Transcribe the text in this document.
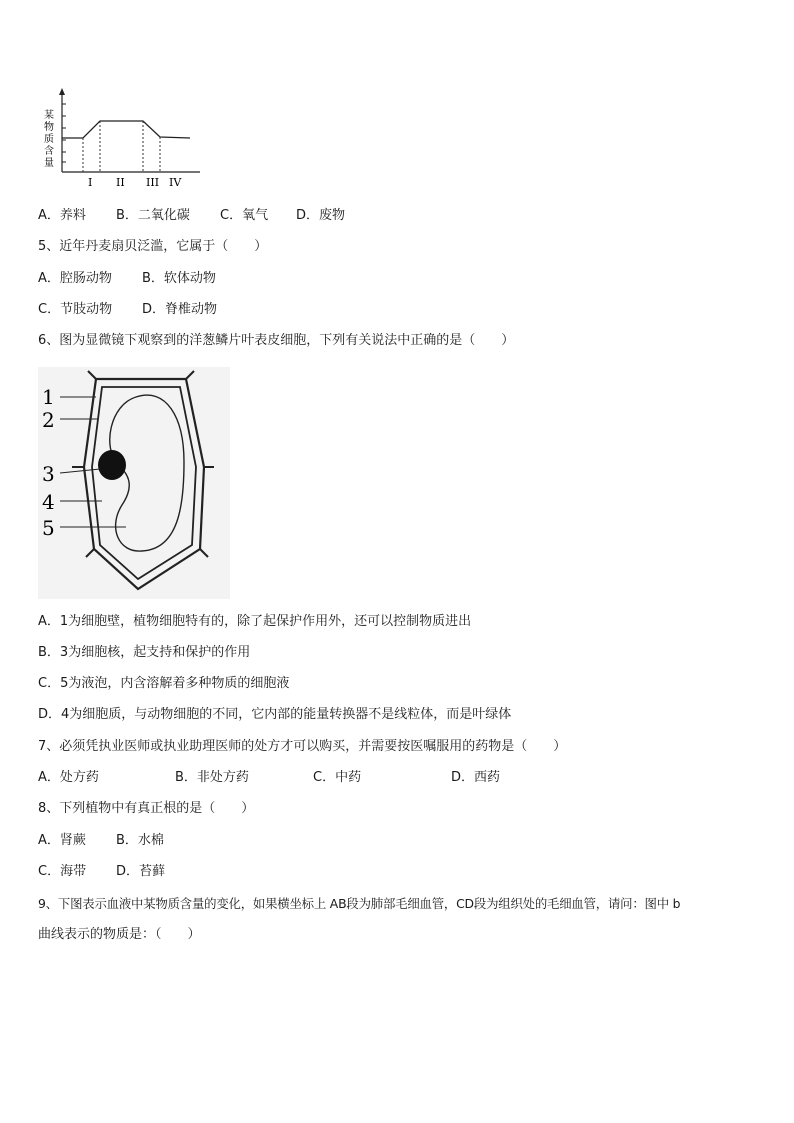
某
物
质
含
量
I II III IV
A．养料 B．二氧化碳 C．氧气 D．废物
5、近年丹麦扇贝泛滥，它属于（　　）
A．腔肠动物 B．软体动物
C．节肢动物 D．脊椎动物
6、图为显微镜下观察到的洋葱鳞片叶表皮细胞，下列有关说法中正确的是（　　）
1
2
3
4
5
A．1为细胞壁，植物细胞特有的，除了起保护作用外，还可以控制物质进出
B．3为细胞核，起支持和保护的作用
C．5为液泡，内含溶解着多种物质的细胞液
D．4为细胞质，与动物细胞的不同，它内部的能量转换器不是线粒体，而是叶绿体
7、必须凭执业医师或执业助理医师的处方才可以购买，并需要按医嘱服用的药物是（　　）
A．处方药	B．非处方药	C．中药	D．西药
8、下列植物中有真正根的是（　　）
A．肾蕨 B．水棉
C．海带 D．苔藓
9、下图表示血液中某物质含量的变化，如果横坐标上 AB段为肺部毛细血管，CD段为组织处的毛细血管，请问：图中 b
曲线表示的物质是：（　　）
